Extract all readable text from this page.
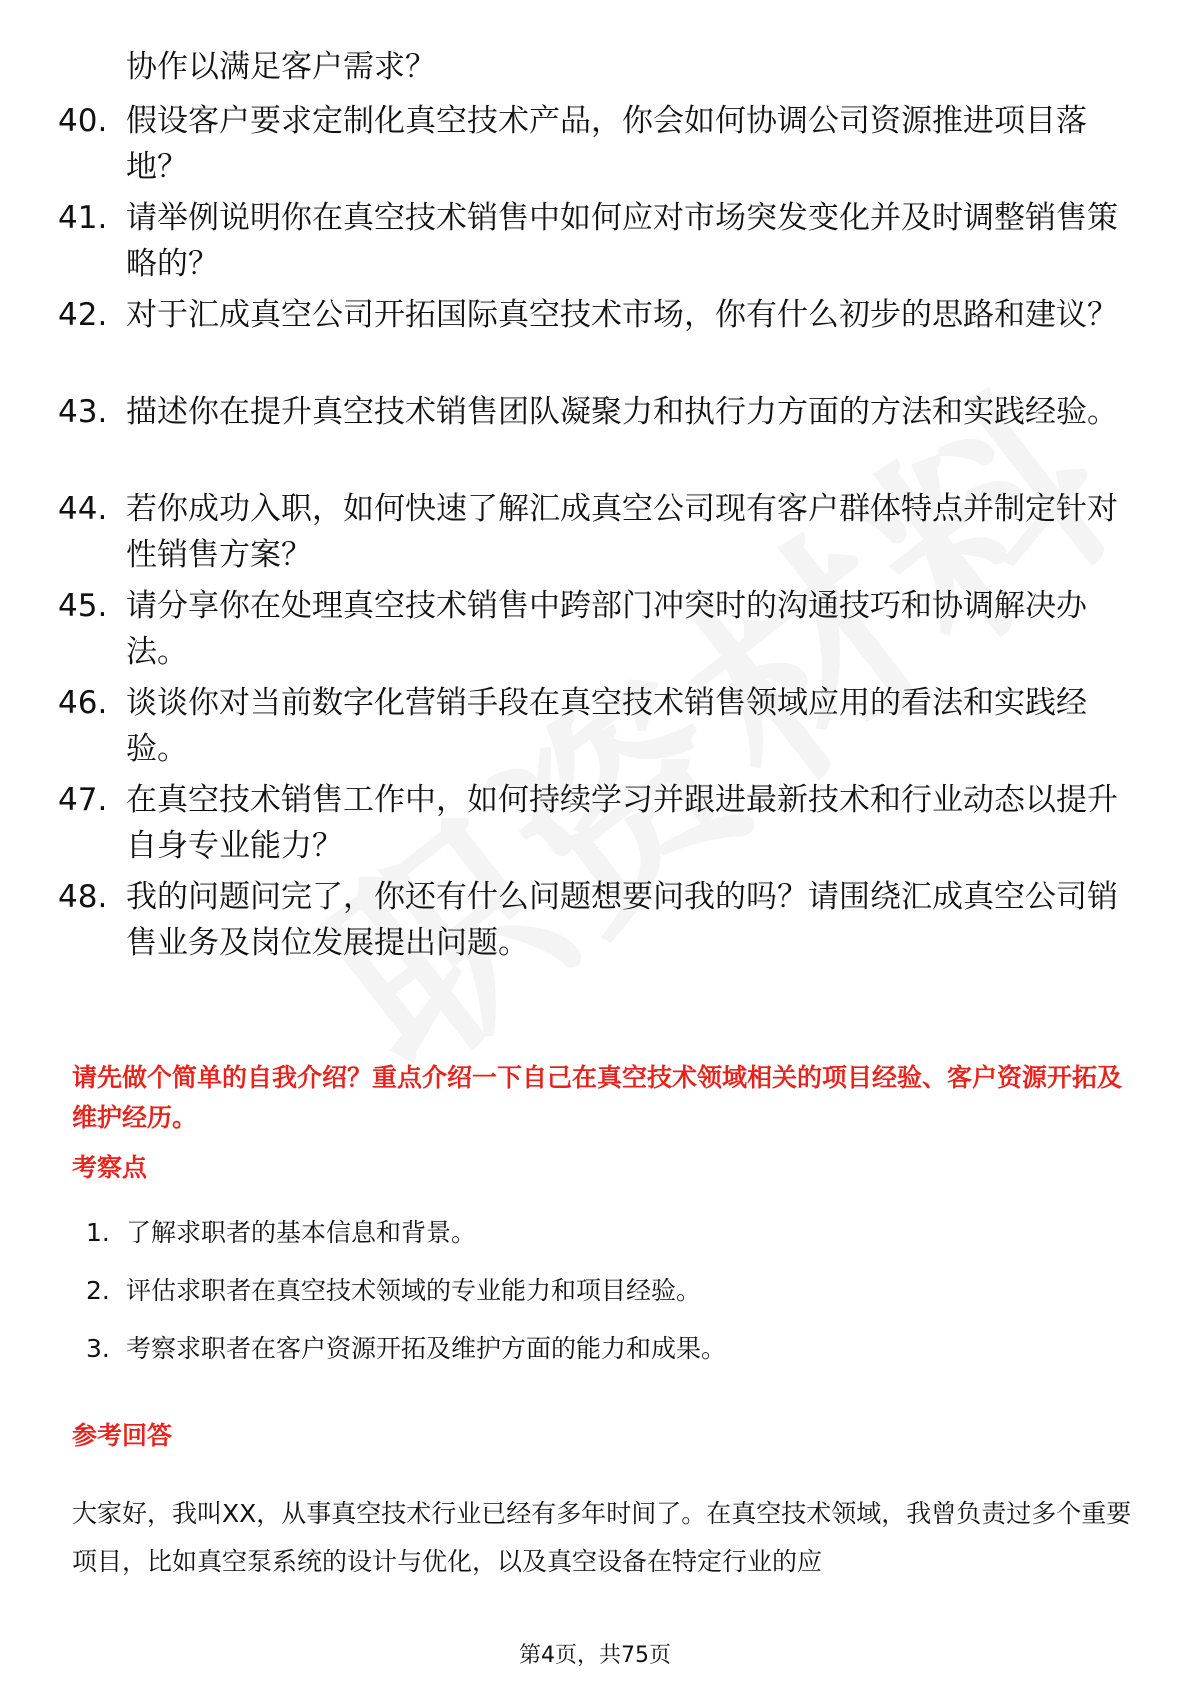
协作以满足客户需求？

40. 假设客户要求定制化真空技术产品，你会如何协调公司资源推进项目落地？
41. 请举例说明你在真空技术销售中如何应对市场突发变化并及时调整销售策略的？
42. 对于汇成真空公司开拓国际真空技术市场，你有什么初步的思路和建议？
43. 描述你在提升真空技术销售团队凝聚力和执行力方面的方法和实践经验。
44. 若你成功入职，如何快速了解汇成真空公司现有客户群体特点并制定针对性销售方案？
45. 请分享你在处理真空技术销售中跨部门冲突时的沟通技巧和协调解决办法。
46. 谈谈你对当前数字化营销手段在真空技术销售领域应用的看法和实践经验。
47. 在真空技术销售工作中，如何持续学习并跟进最新技术和行业动态以提升自身专业能力？
48. 我的问题问完了，你还有什么问题想要问我的吗？请围绕汇成真空公司销售业务及岗位发展提出问题。
请先做个简单的自我介绍？重点介绍一下自己在真空技术领域相关的项目经验、客户资源开拓及维护经历。
考察点
1. 了解求职者的基本信息和背景。
2. 评估求职者在真空技术领域的专业能力和项目经验。
3. 考察求职者在客户资源开拓及维护方面的能力和成果。
参考回答

大家好，我叫XX，从事真空技术行业已经有多年时间了。在真空技术领域，我曾负责过多个重要项目，比如真空泵系统的设计与优化，以及真空设备在特定行业的应

第4页，共75页
